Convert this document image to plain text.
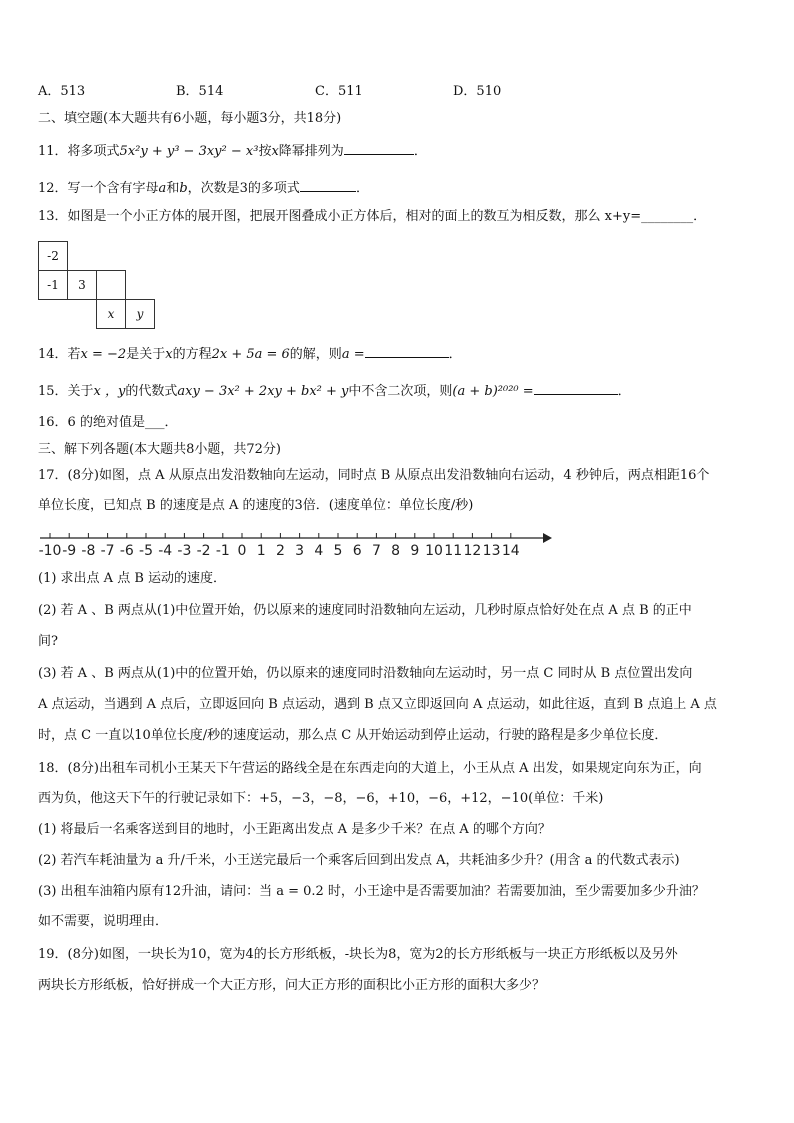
A．513	B．514	C．511	D．510
二、填空题(本大题共有6小题，每小题3分，共18分)
11．将多项式5x²y + y³ − 3xy² − x³按x降幂排列为	．
12．写一个含有字母a和b，次数是3的多项式	．
13．如图是一个小正方体的展开图，把展开图叠成小正方体后，相对的面上的数互为相反数，那么 x+y=________．
-2			
-1	3		
		x	y
14．若x = −2是关于x的方程2x + 5a = 6的解，则a =	．
15．关于x ，y的代数式axy − 3x² + 2xy + bx² + y中不含二次项，则(a + b)²⁰²⁰ =	．
16．6 的绝对值是___．
三、解下列各题(本大题共8小题，共72分)
17．(8分)如图，点 A 从原点出发沿数轴向左运动，同时点 B 从原点出发沿数轴向右运动，4 秒钟后，两点相距16个
单位长度，已知点 B 的速度是点 A 的速度的3倍．(速度单位：单位长度/秒)
-10 -9 -8 -7 -6 -5 -4 -3 -2 -1 0 1 2 3 4 5 6 7 8 9 10 11 12 13 14
(1) 求出点 A 点 B 运动的速度．
(2) 若 A 、B 两点从(1)中位置开始，仍以原来的速度同时沿数轴向左运动，几秒时原点恰好处在点 A 点 B 的正中
间?
(3) 若 A 、B 两点从(1)中的位置开始，仍以原来的速度同时沿数轴向左运动时，另一点 C 同时从 B 点位置出发向
A 点运动，当遇到 A 点后，立即返回向 B 点运动，遇到 B 点又立即返回向 A 点运动，如此往返，直到 B 点追上 A 点
时，点 C 一直以10单位长度/秒的速度运动，那么点 C 从开始运动到停止运动，行驶的路程是多少单位长度．
18．(8分)出租车司机小王某天下午营运的路线全是在东西走向的大道上，小王从点 A 出发，如果规定向东为正，向
西为负，他这天下午的行驶记录如下：+5，−3，−8，−6，+10，−6，+12，−10(单位：千米)
(1) 将最后一名乘客送到目的地时，小王距离出发点 A 是多少千米？在点 A 的哪个方向？
(2) 若汽车耗油量为 a 升/千米，小王送完最后一个乘客后回到出发点 A，共耗油多少升？(用含 a 的代数式表示)
(3) 出租车油箱内原有12升油，请问：当 a = 0.2 时，小王途中是否需要加油？若需要加油，至少需要加多少升油？
如不需要，说明理由．
19．(8分)如图，一块长为10，宽为4的长方形纸板，-块长为8，宽为2的长方形纸板与一块正方形纸板以及另外
两块长方形纸板，恰好拼成一个大正方形，问大正方形的面积比小正方形的面积大多少？
